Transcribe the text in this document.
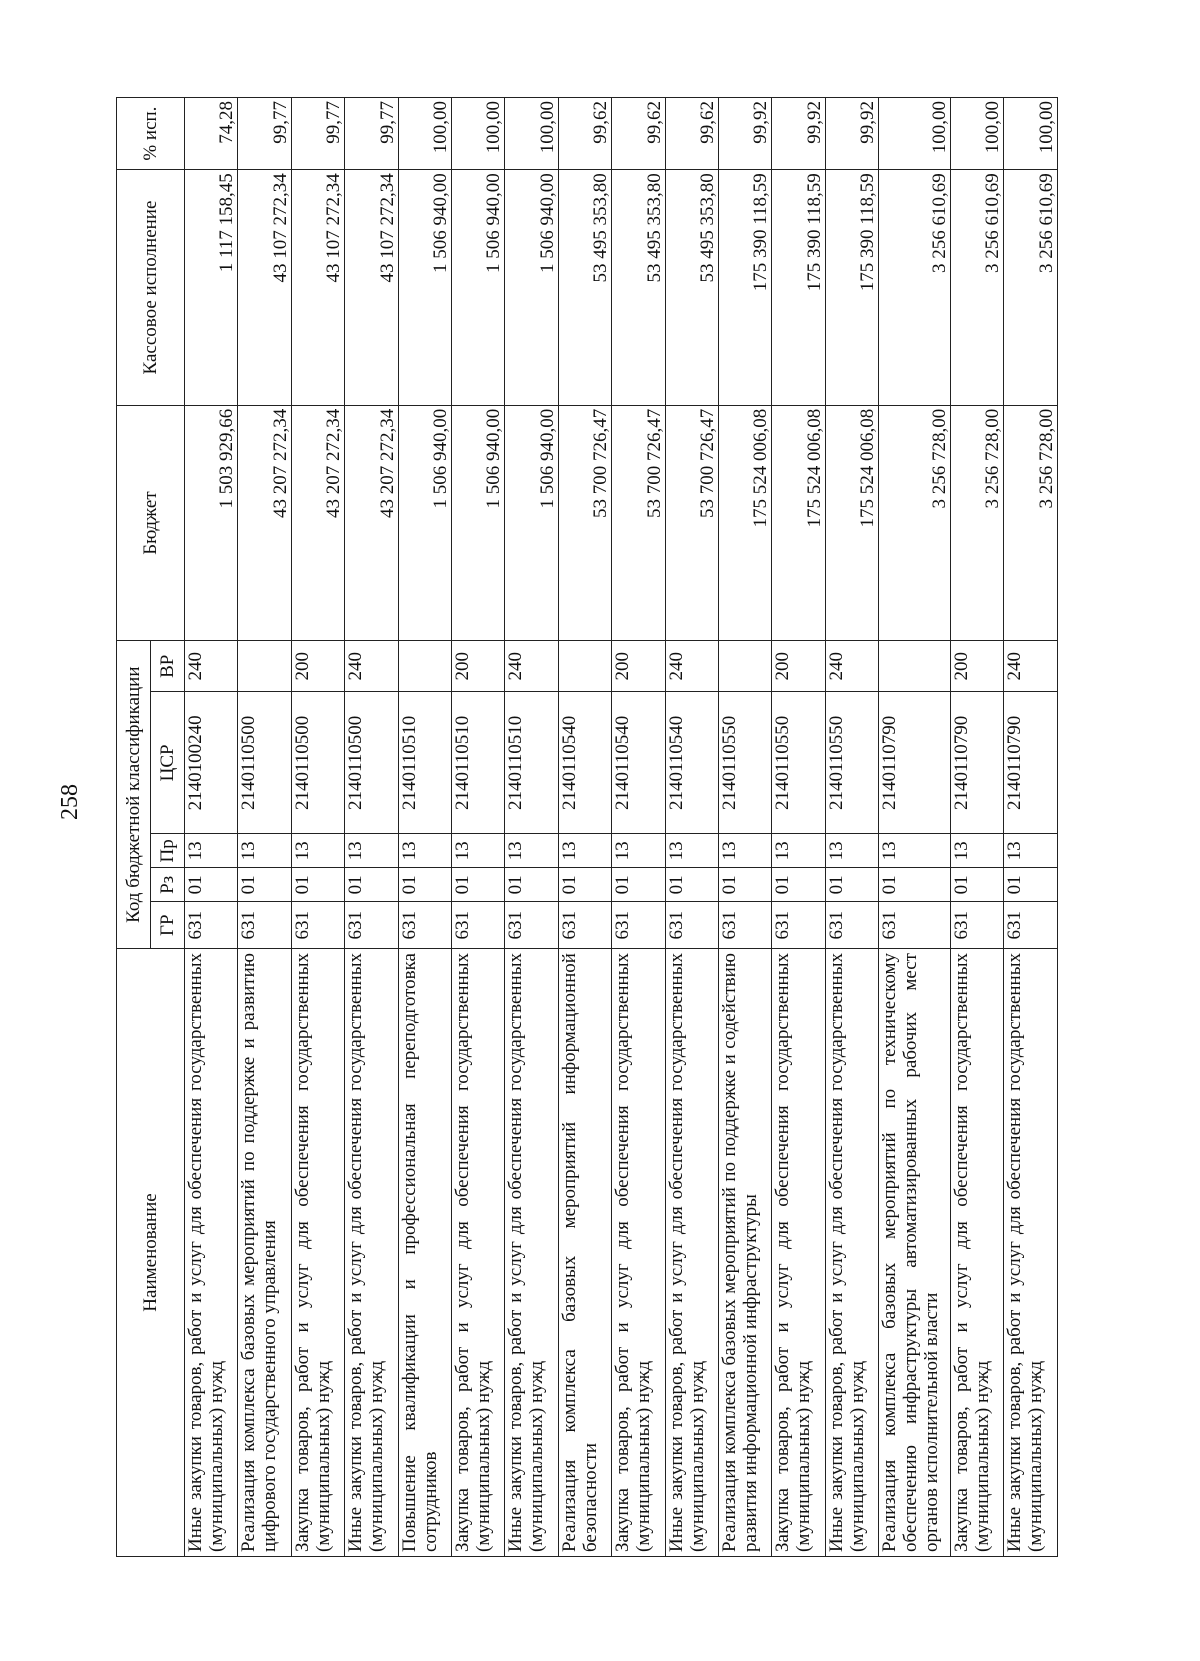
258
Наименование	Код бюджетной классификации					Бюджет	Кассовое исполнение	% исп.
	ГР	Рз	Пр	ЦСР	ВР			
Иные закупки товаров, работ и услуг для обеспечения государственных (муниципальных) нужд	631	01	13	2140100240	240	1 503 929,66	1 117 158,45	74,28
Реализация комплекса базовых мероприятий по поддержке и развитию цифрового государственного управления	631	01	13	2140110500		43 207 272,34	43 107 272,34	99,77
Закупка товаров, работ и услуг для обеспечения государственных (муниципальных) нужд	631	01	13	2140110500	200	43 207 272,34	43 107 272,34	99,77
Иные закупки товаров, работ и услуг для обеспечения государственных (муниципальных) нужд	631	01	13	2140110500	240	43 207 272,34	43 107 272,34	99,77
Повышение квалификации и профессиональная переподготовка сотрудников	631	01	13	2140110510		1 506 940,00	1 506 940,00	100,00
Закупка товаров, работ и услуг для обеспечения государственных (муниципальных) нужд	631	01	13	2140110510	200	1 506 940,00	1 506 940,00	100,00
Иные закупки товаров, работ и услуг для обеспечения государственных (муниципальных) нужд	631	01	13	2140110510	240	1 506 940,00	1 506 940,00	100,00
Реализация комплекса базовых мероприятий информационной безопасности	631	01	13	2140110540		53 700 726,47	53 495 353,80	99,62
Закупка товаров, работ и услуг для обеспечения государственных (муниципальных) нужд	631	01	13	2140110540	200	53 700 726,47	53 495 353,80	99,62
Иные закупки товаров, работ и услуг для обеспечения государственных (муниципальных) нужд	631	01	13	2140110540	240	53 700 726,47	53 495 353,80	99,62
Реализация комплекса базовых мероприятий по поддержке и содействию развития информационной инфраструктуры	631	01	13	2140110550		175 524 006,08	175 390 118,59	99,92
Закупка товаров, работ и услуг для обеспечения государственных (муниципальных) нужд	631	01	13	2140110550	200	175 524 006,08	175 390 118,59	99,92
Иные закупки товаров, работ и услуг для обеспечения государственных (муниципальных) нужд	631	01	13	2140110550	240	175 524 006,08	175 390 118,59	99,92
Реализация комплекса базовых мероприятий по техническому обеспечению инфраструктуры автоматизированных рабочих мест органов исполнительной власти	631	01	13	2140110790		3 256 728,00	3 256 610,69	100,00
Закупка товаров, работ и услуг для обеспечения государственных (муниципальных) нужд	631	01	13	2140110790	200	3 256 728,00	3 256 610,69	100,00
Иные закупки товаров, работ и услуг для обеспечения государственных (муниципальных) нужд	631	01	13	2140110790	240	3 256 728,00	3 256 610,69	100,00
